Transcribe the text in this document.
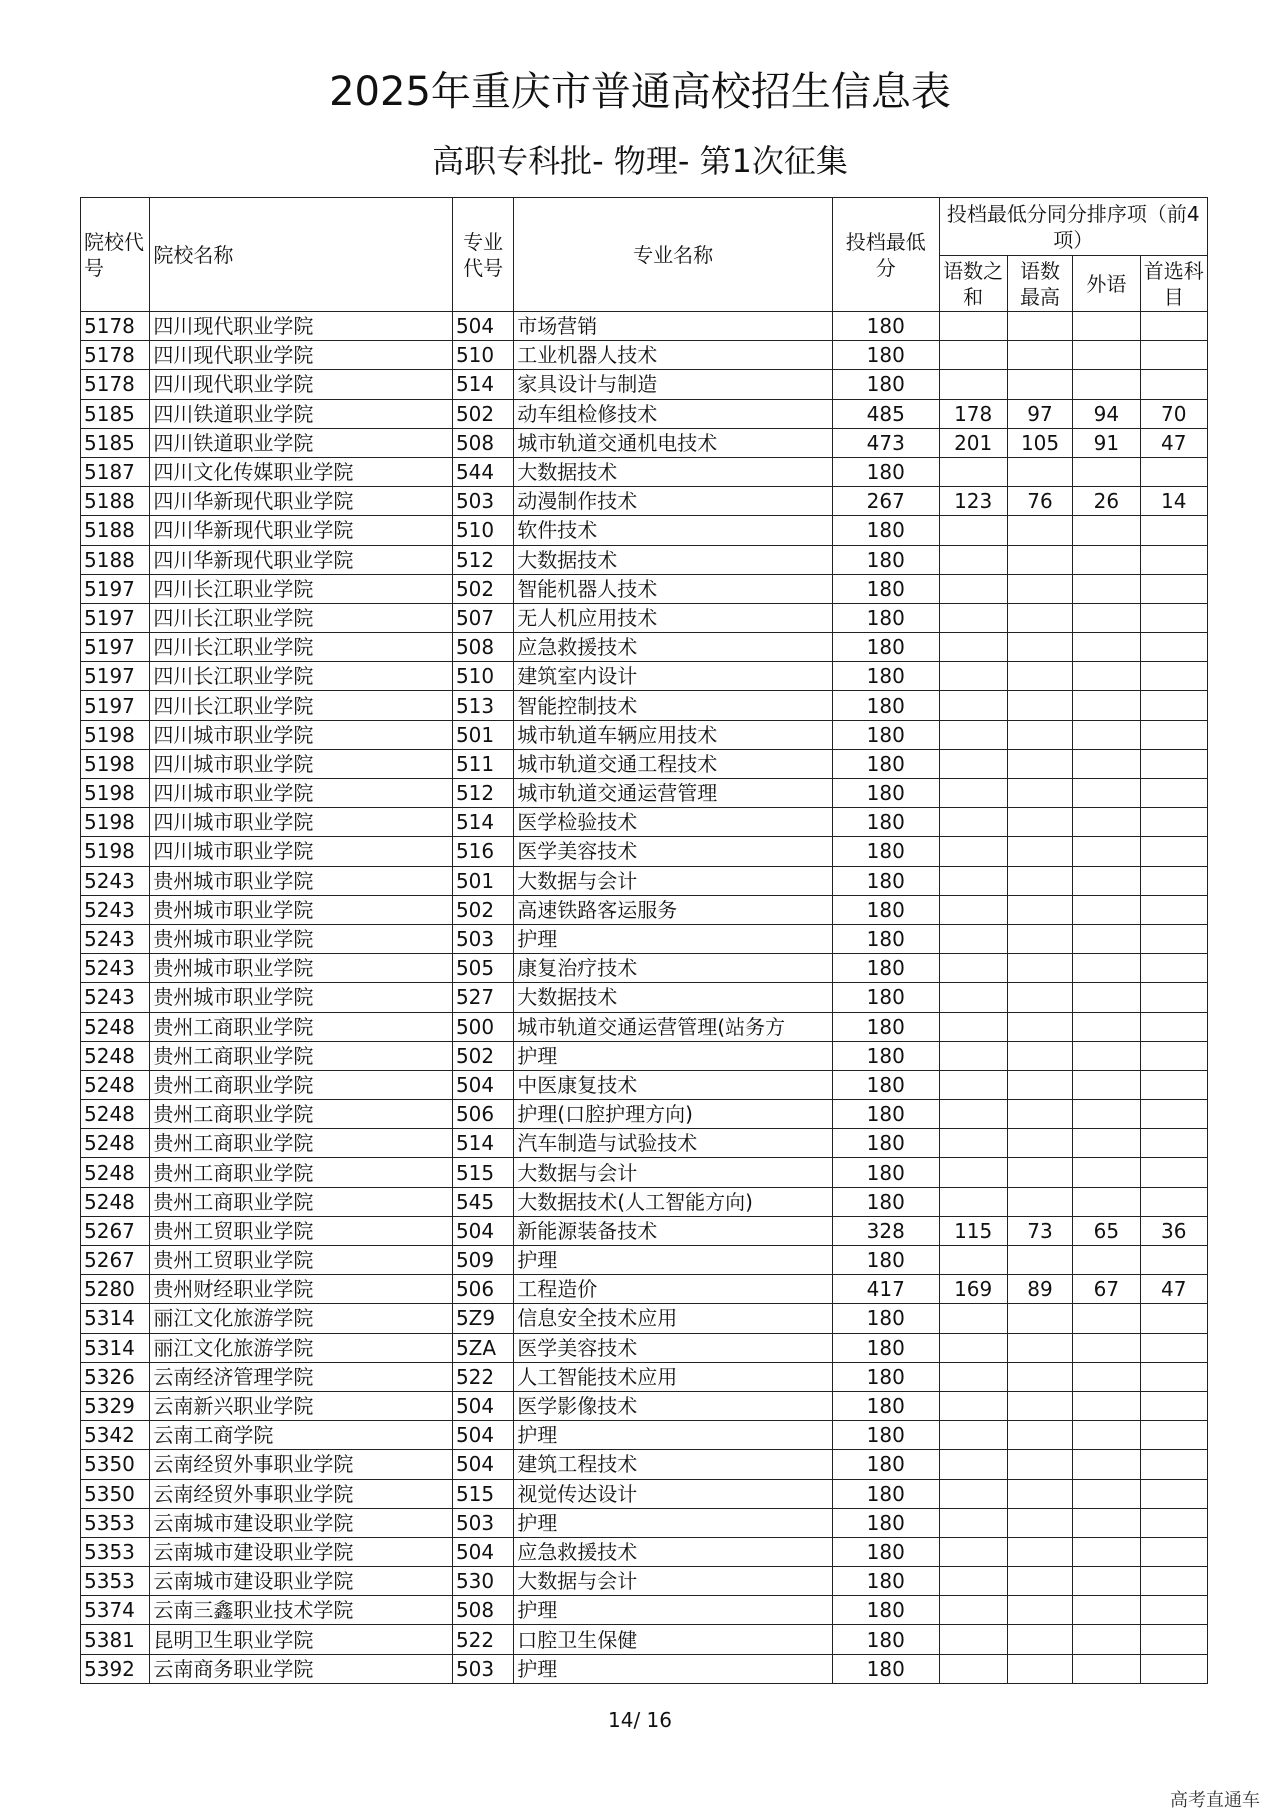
2025年重庆市普通高校招生信息表
高职专科批- 物理- 第1次征集
院校代号	院校名称	专业代号	专业名称	投档最低分	投档最低分同分排序项（前4项）			
					语数之和	语数最高	外语	首选科目
5178	四川现代职业学院	504	市场营销	180				
5178	四川现代职业学院	510	工业机器人技术	180				
5178	四川现代职业学院	514	家具设计与制造	180				
5185	四川铁道职业学院	502	动车组检修技术	485	178	97	94	70
5185	四川铁道职业学院	508	城市轨道交通机电技术	473	201	105	91	47
5187	四川文化传媒职业学院	544	大数据技术	180				
5188	四川华新现代职业学院	503	动漫制作技术	267	123	76	26	14
5188	四川华新现代职业学院	510	软件技术	180				
5188	四川华新现代职业学院	512	大数据技术	180				
5197	四川长江职业学院	502	智能机器人技术	180				
5197	四川长江职业学院	507	无人机应用技术	180				
5197	四川长江职业学院	508	应急救援技术	180				
5197	四川长江职业学院	510	建筑室内设计	180				
5197	四川长江职业学院	513	智能控制技术	180				
5198	四川城市职业学院	501	城市轨道车辆应用技术	180				
5198	四川城市职业学院	511	城市轨道交通工程技术	180				
5198	四川城市职业学院	512	城市轨道交通运营管理	180				
5198	四川城市职业学院	514	医学检验技术	180				
5198	四川城市职业学院	516	医学美容技术	180				
5243	贵州城市职业学院	501	大数据与会计	180				
5243	贵州城市职业学院	502	高速铁路客运服务	180				
5243	贵州城市职业学院	503	护理	180				
5243	贵州城市职业学院	505	康复治疗技术	180				
5243	贵州城市职业学院	527	大数据技术	180				
5248	贵州工商职业学院	500	城市轨道交通运营管理(站务方	180				
5248	贵州工商职业学院	502	护理	180				
5248	贵州工商职业学院	504	中医康复技术	180				
5248	贵州工商职业学院	506	护理(口腔护理方向)	180				
5248	贵州工商职业学院	514	汽车制造与试验技术	180				
5248	贵州工商职业学院	515	大数据与会计	180				
5248	贵州工商职业学院	545	大数据技术(人工智能方向)	180				
5267	贵州工贸职业学院	504	新能源装备技术	328	115	73	65	36
5267	贵州工贸职业学院	509	护理	180				
5280	贵州财经职业学院	506	工程造价	417	169	89	67	47
5314	丽江文化旅游学院	5Z9	信息安全技术应用	180				
5314	丽江文化旅游学院	5ZA	医学美容技术	180				
5326	云南经济管理学院	522	人工智能技术应用	180				
5329	云南新兴职业学院	504	医学影像技术	180				
5342	云南工商学院	504	护理	180				
5350	云南经贸外事职业学院	504	建筑工程技术	180				
5350	云南经贸外事职业学院	515	视觉传达设计	180				
5353	云南城市建设职业学院	503	护理	180				
5353	云南城市建设职业学院	504	应急救援技术	180				
5353	云南城市建设职业学院	530	大数据与会计	180				
5374	云南三鑫职业技术学院	508	护理	180				
5381	昆明卫生职业学院	522	口腔卫生保健	180				
5392	云南商务职业学院	503	护理	180				
14/ 16
高考直通车
